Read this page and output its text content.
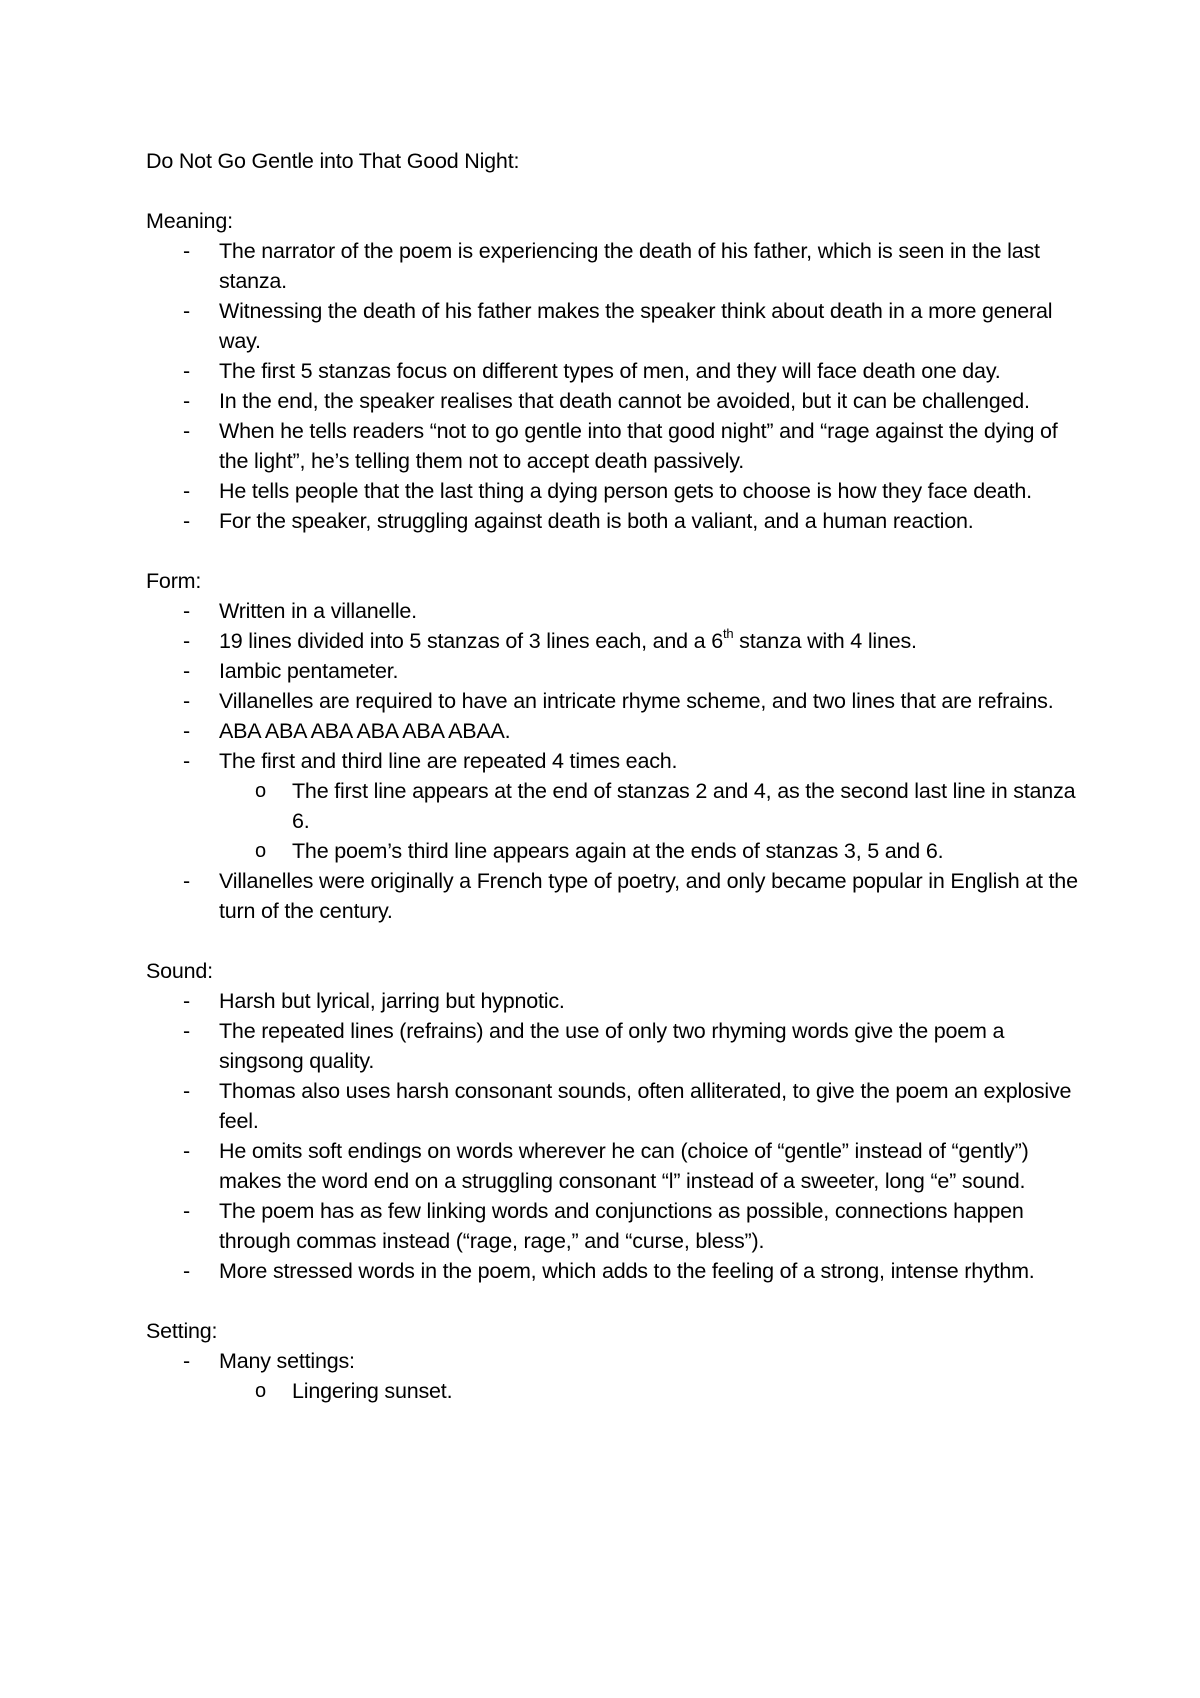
Do Not Go Gentle into That Good Night:

Meaning:

- The narrator of the poem is experiencing the death of his father, which is seen in the last stanza.
- Witnessing the death of his father makes the speaker think about death in a more general way.
- The first 5 stanzas focus on different types of men, and they will face death one day.
- In the end, the speaker realises that death cannot be avoided, but it can be challenged.
- When he tells readers “not to go gentle into that good night” and “rage against the dying of the light”, he’s telling them not to accept death passively.
- He tells people that the last thing a dying person gets to choose is how they face death.
- For the speaker, struggling against death is both a valiant, and a human reaction.

Form:

- Written in a villanelle.
- 19 lines divided into 5 stanzas of 3 lines each, and a 6th stanza with 4 lines.
- Iambic pentameter.
- Villanelles are required to have an intricate rhyme scheme, and two lines that are refrains.
- ABA ABA ABA ABA ABA ABAA.
- The first and third line are repeated 4 times each.
o The first line appears at the end of stanzas 2 and 4, as the second last line in stanza 6.
o The poem’s third line appears again at the ends of stanzas 3, 5 and 6.
- Villanelles were originally a French type of poetry, and only became popular in English at the turn of the century.

Sound:

- Harsh but lyrical, jarring but hypnotic.
- The repeated lines (refrains) and the use of only two rhyming words give the poem a singsong quality.
- Thomas also uses harsh consonant sounds, often alliterated, to give the poem an explosive feel.
- He omits soft endings on words wherever he can (choice of “gentle” instead of “gently”) makes the word end on a struggling consonant “l” instead of a sweeter, long “e” sound.
- The poem has as few linking words and conjunctions as possible, connections happen through commas instead (“rage, rage,” and “curse, bless”).
- More stressed words in the poem, which adds to the feeling of a strong, intense rhythm.

Setting:

- Many settings:
o Lingering sunset.
